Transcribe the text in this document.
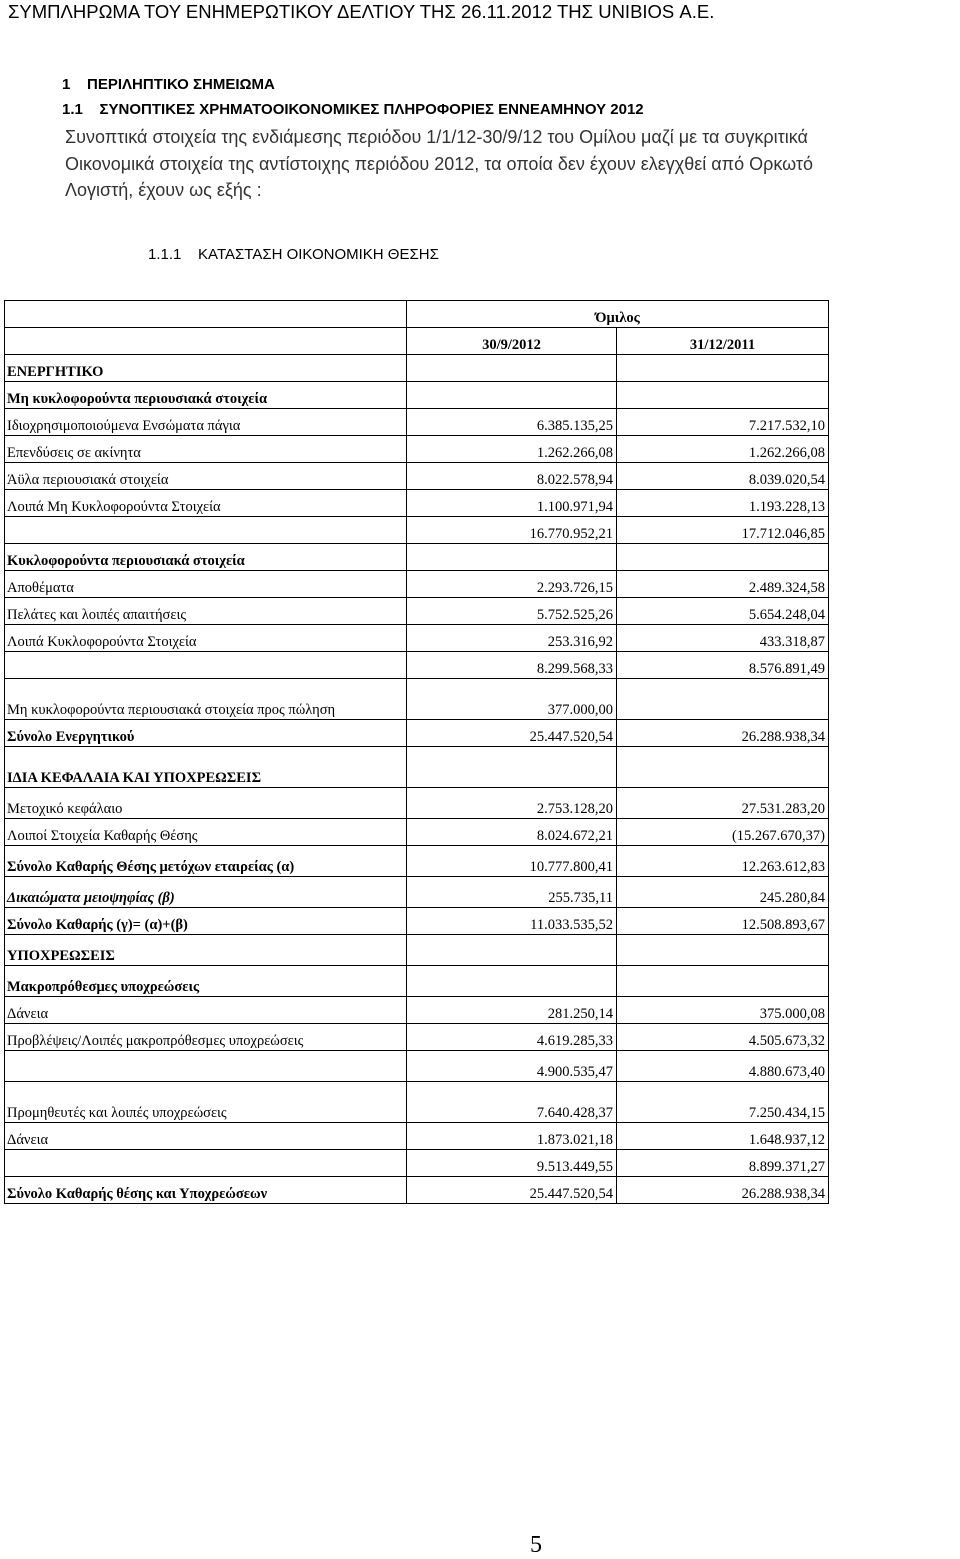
ΣΥΜΠΛΗΡΩΜΑ ΤΟΥ ΕΝΗΜΕΡΩΤΙΚΟΥ ΔΕΛΤΙΟΥ ΤΗΣ 26.11.2012 ΤΗΣ UNIBIOS Α.Ε.
1 ΠΕΡΙΛΗΠΤΙΚΟ ΣΗΜΕΙΩΜΑ
1.1 ΣΥΝΟΠΤΙΚΕΣ ΧΡΗΜΑΤΟΟΙΚΟΝΟΜΙΚΕΣ ΠΛΗΡΟΦΟΡΙΕΣ ΕΝΝΕΑΜΗΝΟΥ 2012
Συνοπτικά στοιχεία της ενδιάμεσης περιόδου 1/1/12-30/9/12 του Ομίλου μαζί με τα συγκριτικά
Οικονομικά στοιχεία της αντίστοιχης περιόδου 2012, τα οποία δεν έχουν ελεγχθεί από Ορκωτό
Λογιστή, έχουν ως εξής :
1.1.1 ΚΑΤΑΣΤΑΣΗ ΟΙΚΟΝΟΜΙΚΗ ΘΕΣΗΣ
	Όμιλος	
	30/9/2012	31/12/2011
ΕΝΕΡΓΗΤΙΚΟ		
Μη κυκλοφορούντα περιουσιακά στοιχεία		
Ιδιοχρησιμοποιούμενα Ενσώματα πάγια	6.385.135,25	7.217.532,10
Επενδύσεις σε ακίνητα	1.262.266,08	1.262.266,08
Άϋλα περιουσιακά στοιχεία	8.022.578,94	8.039.020,54
Λοιπά Μη Κυκλοφορούντα Στοιχεία	1.100.971,94	1.193.228,13
	16.770.952,21	17.712.046,85
Κυκλοφορούντα περιουσιακά στοιχεία		
Αποθέματα	2.293.726,15	2.489.324,58
Πελάτες και λοιπές απαιτήσεις	5.752.525,26	5.654.248,04
Λοιπά Κυκλοφορούντα Στοιχεία	253.316,92	433.318,87
	8.299.568,33	8.576.891,49
Μη κυκλοφορούντα περιουσιακά στοιχεία προς πώληση	377.000,00	
Σύνολο Ενεργητικού	25.447.520,54	26.288.938,34
ΙΔΙΑ ΚΕΦΑΛΑΙΑ ΚΑΙ ΥΠΟΧΡΕΩΣΕΙΣ		
Μετοχικό κεφάλαιο	2.753.128,20	27.531.283,20
Λοιποί Στοιχεία Καθαρής Θέσης	8.024.672,21	(15.267.670,37)
Σύνολο Καθαρής Θέσης μετόχων εταιρείας (α)	10.777.800,41	12.263.612,83
Δικαιώματα μειοψηφίας (β)	255.735,11	245.280,84
Σύνολο Καθαρής (γ)= (α)+(β)	11.033.535,52	12.508.893,67
ΥΠΟΧΡΕΩΣΕΙΣ		
Μακροπρόθεσμες υποχρεώσεις		
Δάνεια	281.250,14	375.000,08
Προβλέψεις/Λοιπές μακροπρόθεσμες υποχρεώσεις	4.619.285,33	4.505.673,32
	4.900.535,47	4.880.673,40
Προμηθευτές και λοιπές υποχρεώσεις	7.640.428,37	7.250.434,15
Δάνεια	1.873.021,18	1.648.937,12
	9.513.449,55	8.899.371,27
Σύνολο Καθαρής θέσης και Υποχρεώσεων	25.447.520,54	26.288.938,34
5
